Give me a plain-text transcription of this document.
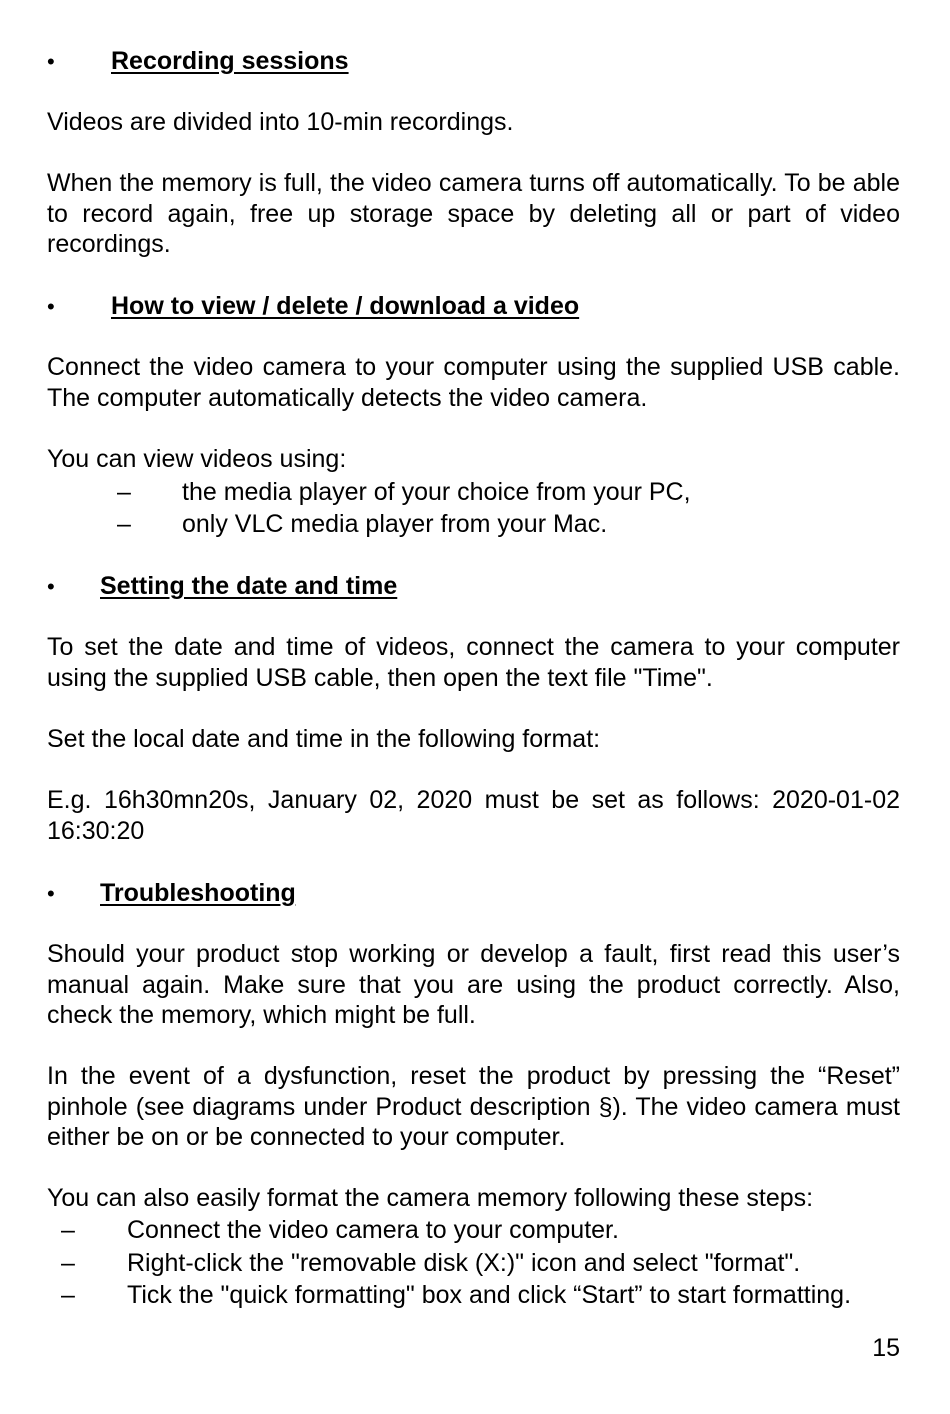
• Recording sessions
Videos are divided into 10-min recordings.
When the memory is full, the video camera turns off automatically. To be able to record again, free up storage space by deleting all or part of video recordings.
• How to view / delete / download a video
Connect the video camera to your computer using the supplied USB cable. The computer automatically detects the video camera.
You can view videos using:
– the media player of your choice from your PC,
– only VLC media player from your Mac.
• Setting the date and time
To set the date and time of videos, connect the camera to your computer using the supplied USB cable, then open the text file "Time".
Set the local date and time in the following format:
E.g. 16h30mn20s, January 02, 2020 must be set as follows: 2020-01-02 16:30:20
• Troubleshooting
Should your product stop working or develop a fault, first read this user’s manual again. Make sure that you are using the product correctly. Also, check the memory, which might be full.
In the event of a dysfunction, reset the product by pressing the “Reset” pinhole (see diagrams under Product description §). The video camera must either be on or be connected to your computer.
You can also easily format the camera memory following these steps:
– Connect the video camera to your computer.
– Right-click the "removable disk (X:)" icon and select "format".
– Tick the "quick formatting" box and click “Start” to start formatting.
15
